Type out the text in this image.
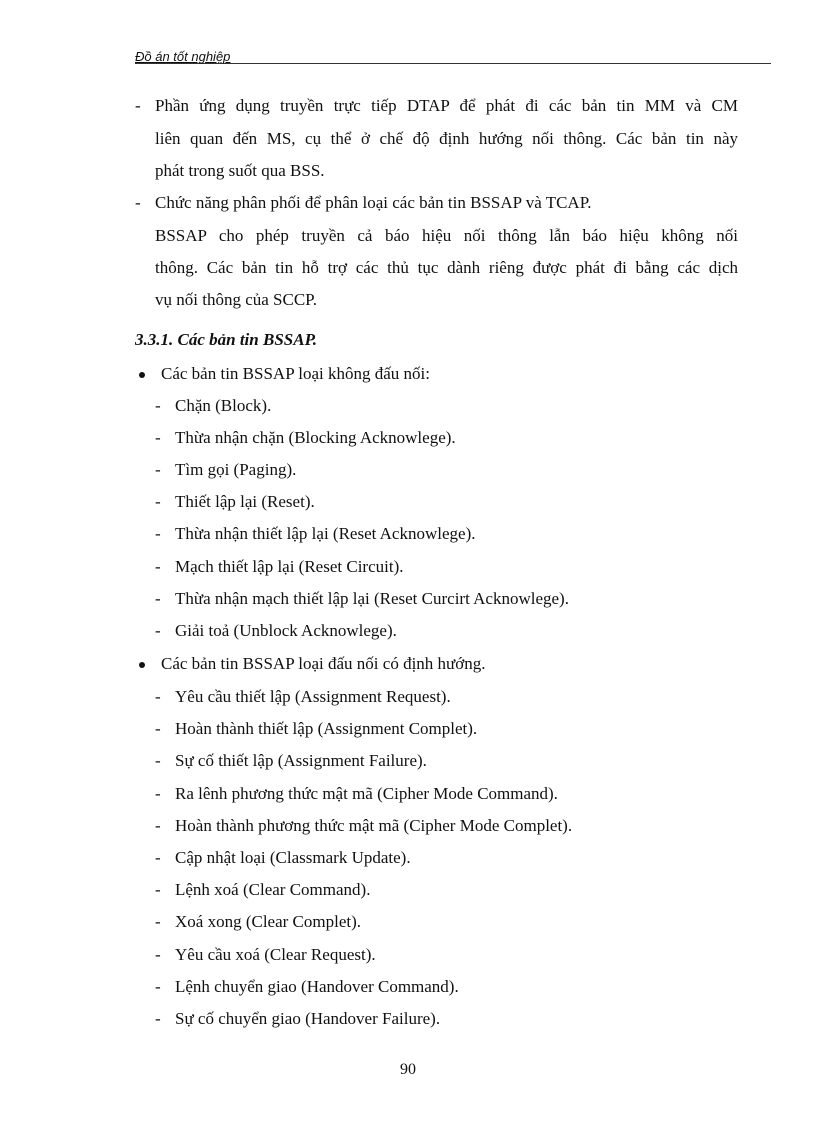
Đồ án tốt nghiệp
- Phần ứng dụng truyền trực tiếp DTAP để phát đi các bản tin MM và CM
liên quan đến MS, cụ thể ở chế độ định hướng nối thông. Các bản tin này
phát trong suốt qua BSS.
- Chức năng phân phối để phân loại các bản tin BSSAP và TCAP.
BSSAP cho phép truyền cả báo hiệu nối thông lẫn báo hiệu không nối
thông. Các bản tin hỗ trợ các thủ tục dành riêng được phát đi bằng các dịch
vụ nối thông của SCCP.
3.3.1. Các bản tin BSSAP.
Các bản tin BSSAP loại không đấu nối:
- Chặn (Block).
- Thừa nhận chặn (Blocking Acknowlege).
- Tìm gọi (Paging).
- Thiết lập lại (Reset).
- Thừa nhận thiết lập lại (Reset Acknowlege).
- Mạch thiết lập lại (Reset Circuit).
- Thừa nhận mạch thiết lập lại (Reset Curcirt Acknowlege).
- Giải toả (Unblock Acknowlege).
Các bản tin BSSAP loại đấu nối có định hướng.
- Yêu cầu thiết lập (Assignment Request).
- Hoàn thành thiết lập (Assignment Complet).
- Sự cố thiết lập (Assignment Failure).
- Ra lênh phương thức mật mã (Cipher Mode Command).
- Hoàn thành phương thức mật mã (Cipher Mode Complet).
- Cập nhật loại (Classmark Update).
- Lệnh xoá (Clear Command).
- Xoá xong (Clear Complet).
- Yêu cầu xoá (Clear Request).
- Lệnh chuyển giao (Handover Command).
- Sự cố chuyển giao (Handover Failure).
90
